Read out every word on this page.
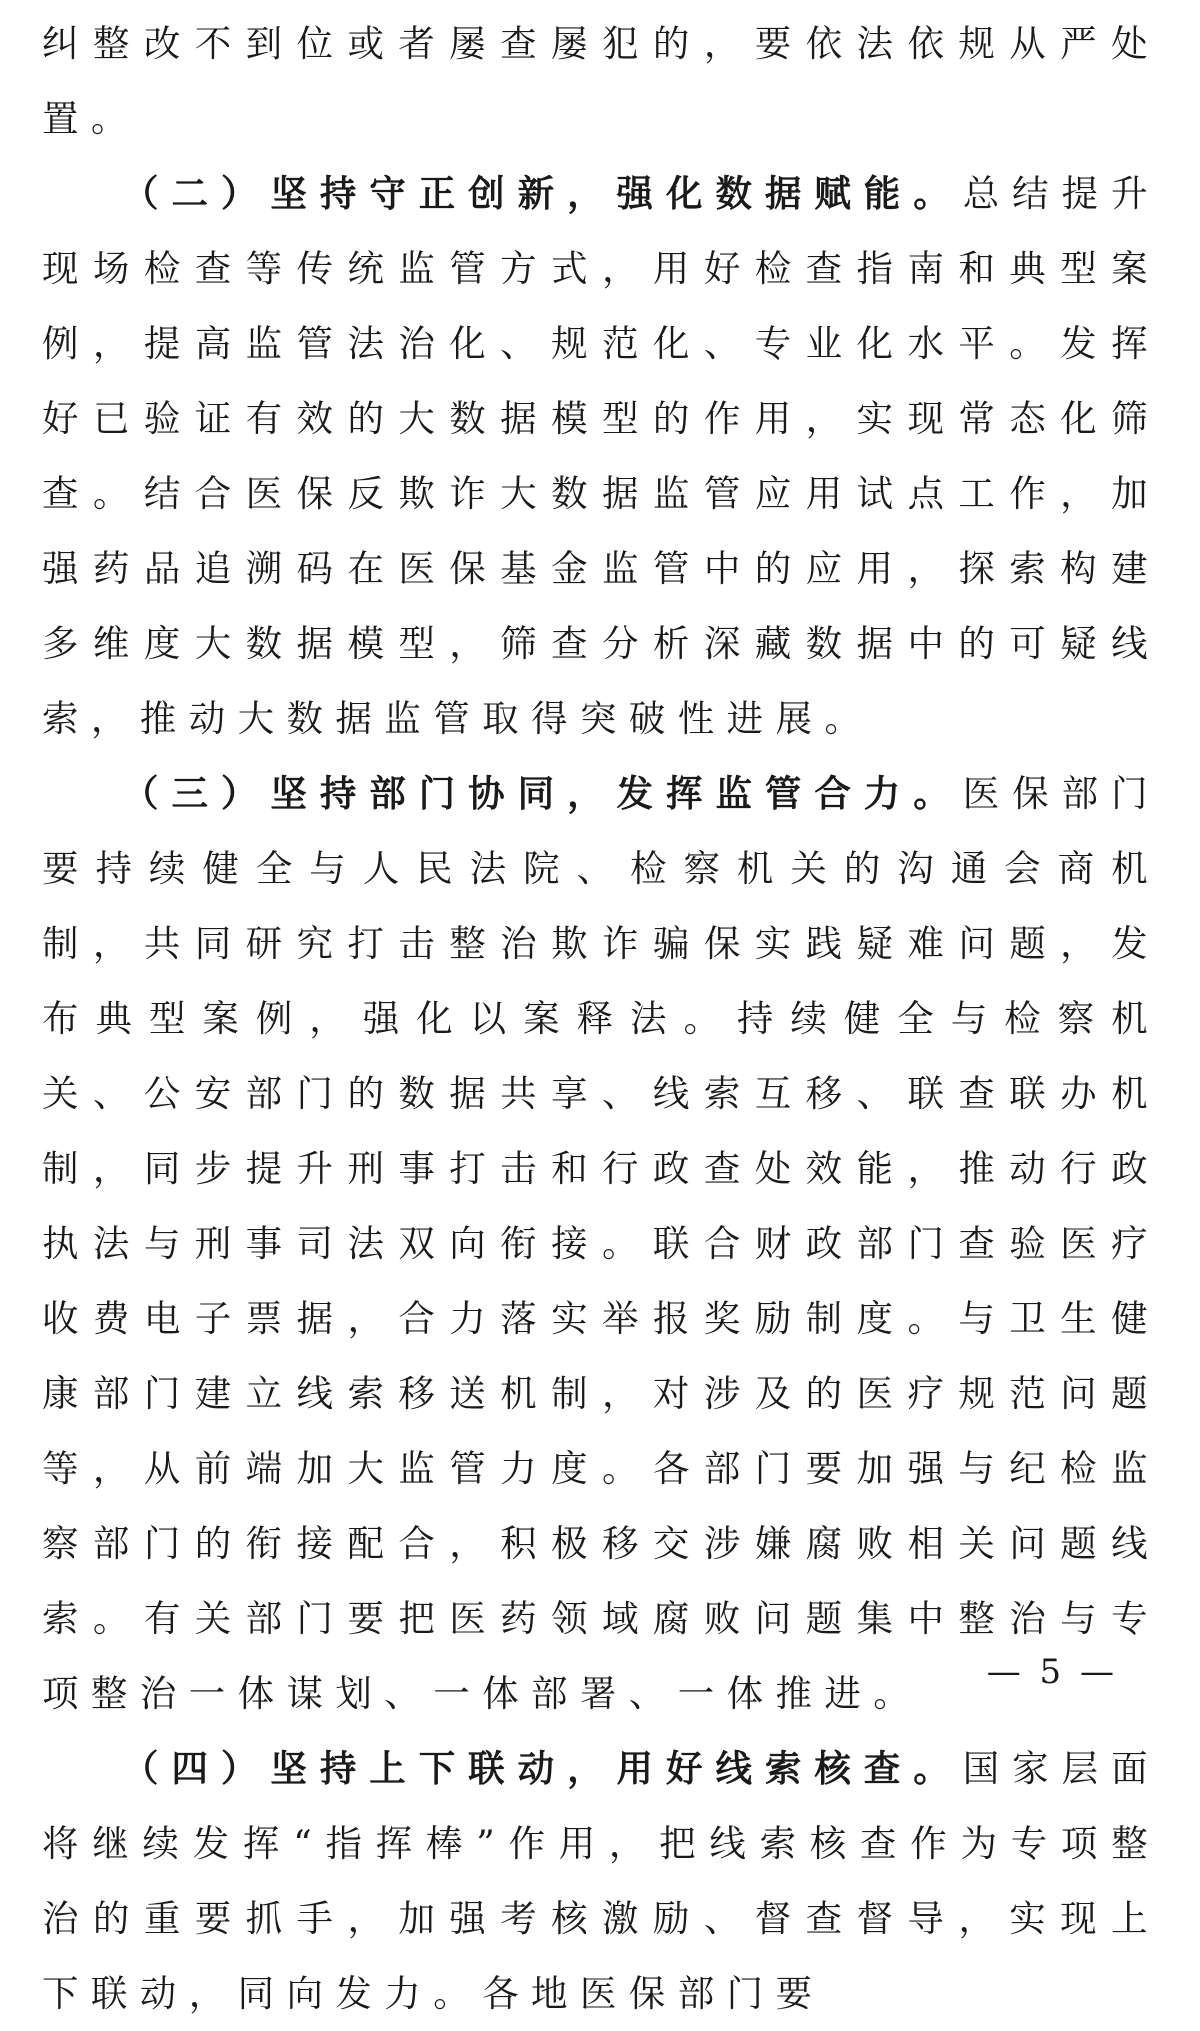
纠整改不到位或者屡查屡犯的，要依法依规从严处置。

（二）坚持守正创新，强化数据赋能。总结提升现场检查等传统监管方式，用好检查指南和典型案例，提高监管法治化、规范化、专业化水平。发挥好已验证有效的大数据模型的作用，实现常态化筛查。结合医保反欺诈大数据监管应用试点工作，加强药品追溯码在医保基金监管中的应用，探索构建多维度大数据模型，筛查分析深藏数据中的可疑线索，推动大数据监管取得突破性进展。

（三）坚持部门协同，发挥监管合力。医保部门要持续健全与人民法院、检察机关的沟通会商机制，共同研究打击整治欺诈骗保实践疑难问题，发布典型案例，强化以案释法。持续健全与检察机关、公安部门的数据共享、线索互移、联查联办机制，同步提升刑事打击和行政查处效能，推动行政执法与刑事司法双向衔接。联合财政部门查验医疗收费电子票据，合力落实举报奖励制度。与卫生健康部门建立线索移送机制，对涉及的医疗规范问题等，从前端加大监管力度。各部门要加强与纪检监察部门的衔接配合，积极移交涉嫌腐败相关问题线索。有关部门要把医药领域腐败问题集中整治与专项整治一体谋划、一体部署、一体推进。

（四）坚持上下联动，用好线索核查。国家层面将继续发挥“指挥棒”作用，把线索核查作为专项整治的重要抓手，加强考核激励、督查督导，实现上下联动，同向发力。各地医保部门要

— 5 —
